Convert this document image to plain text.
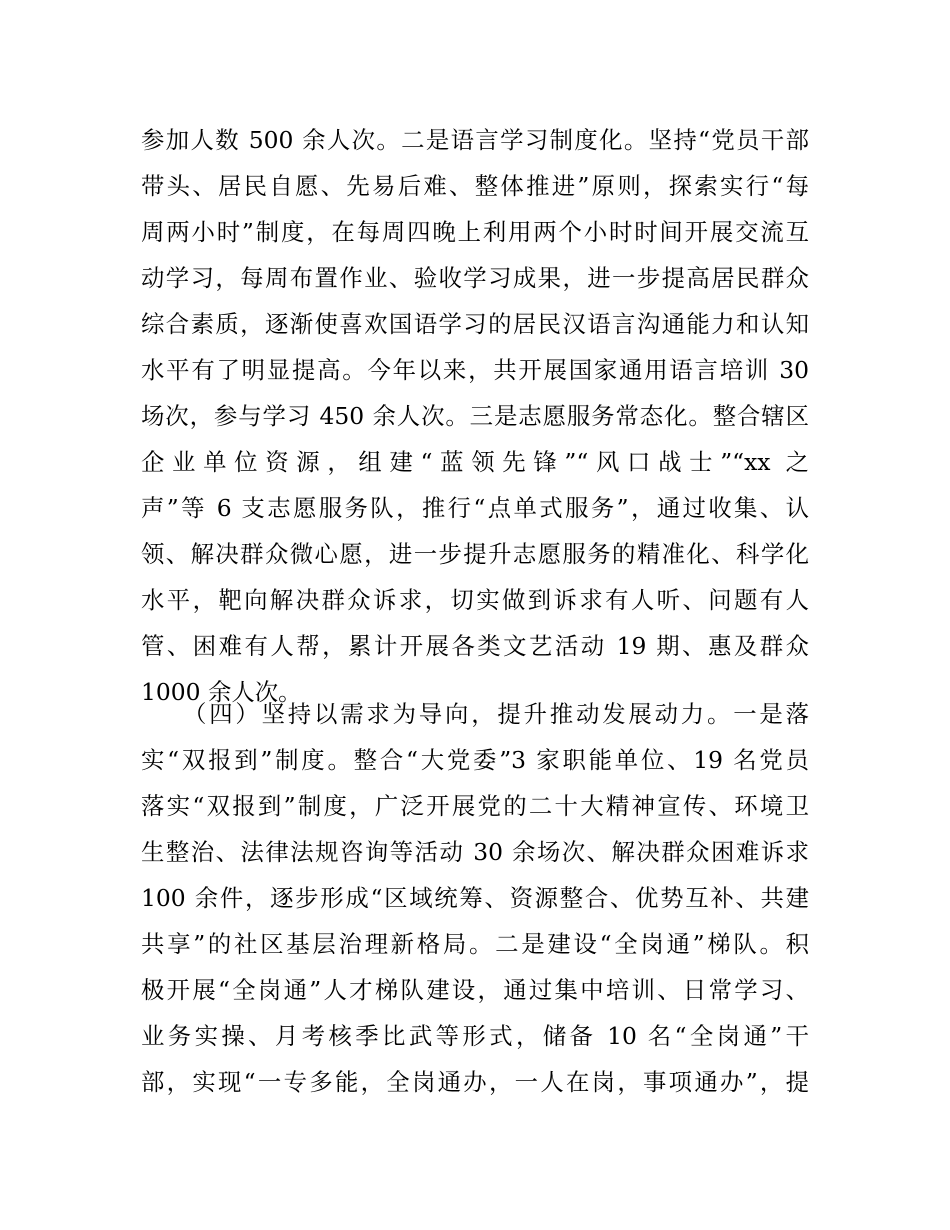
参加人数 500 余人次。二是语言学习制度化。坚持“党员干部
带头、居民自愿、先易后难、整体推进”原则，探索实行“每
周两小时”制度，在每周四晚上利用两个小时时间开展交流互
动学习，每周布置作业、验收学习成果，进一步提高居民群众
综合素质，逐渐使喜欢国语学习的居民汉语言沟通能力和认知
水平有了明显提高。今年以来，共开展国家通用语言培训 30
场次，参与学习 450 余人次。三是志愿服务常态化。整合辖区
企业单位资源，组建“蓝领先锋”“风口战士”“xx 之
声”等 6 支志愿服务队，推行“点单式服务”，通过收集、认
领、解决群众微心愿，进一步提升志愿服务的精准化、科学化
水平，靶向解决群众诉求，切实做到诉求有人听、问题有人
管、困难有人帮，累计开展各类文艺活动 19 期、惠及群众
1000 余人次。
（四）坚持以需求为导向，提升推动发展动力。一是落
实“双报到”制度。整合“大党委”3 家职能单位、19 名党员
落实“双报到”制度，广泛开展党的二十大精神宣传、环境卫
生整治、法律法规咨询等活动 30 余场次、解决群众困难诉求
100 余件，逐步形成“区域统筹、资源整合、优势互补、共建
共享”的社区基层治理新格局。二是建设“全岗通”梯队。积
极开展“全岗通”人才梯队建设，通过集中培训、日常学习、
业务实操、月考核季比武等形式，储备 10 名“全岗通”干
部，实现“一专多能，全岗通办，一人在岗，事项通办”，提
